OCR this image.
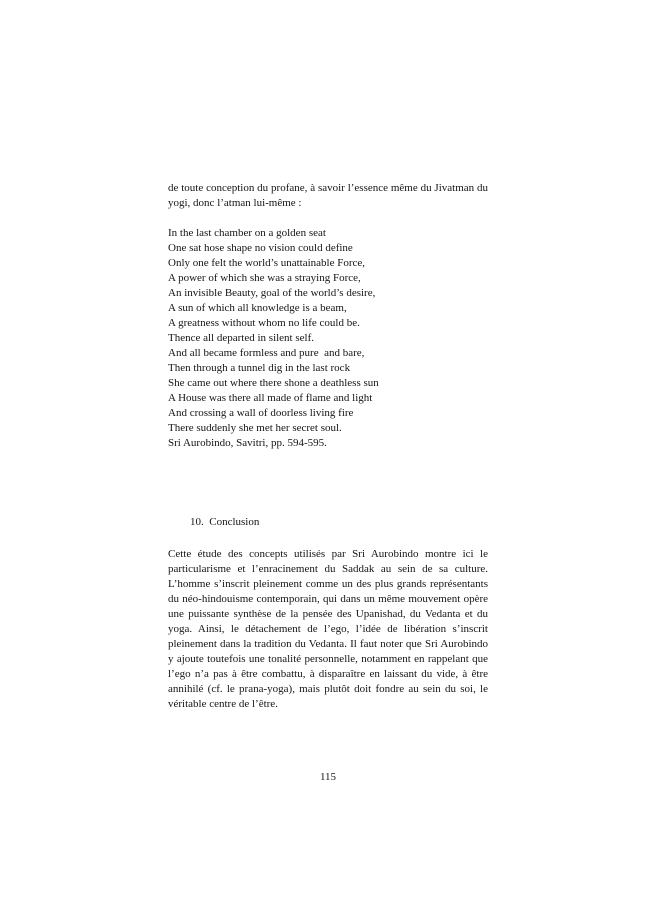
de toute conception du profane, à savoir l’essence même du Jivatman du yogi, donc l’atman lui-même :

In the last chamber on a golden seat
One sat hose shape no vision could define
Only one felt the world’s unattainable Force,
A power of which she was a straying Force,
An invisible Beauty, goal of the world’s desire,
A sun of which all knowledge is a beam,
A greatness without whom no life could be.
Thence all departed in silent self.
And all became formless and pure  and bare,
Then through a tunnel dig in the last rock
She came out where there shone a deathless sun
A House was there all made of flame and light
And crossing a wall of doorless living fire
There suddenly she met her secret soul.
Sri Aurobindo, Savitri, pp. 594-595.
10.  Conclusion

Cette étude des concepts utilisés par Sri Aurobindo montre ici le particularisme et l’enracinement du Saddak au sein de sa culture. L’homme s’inscrit pleinement comme un des plus grands représentants du néo-hindouisme contemporain, qui dans un même mouvement opère une puissante synthèse de la pensée des Upanishad, du Vedanta et du yoga. Ainsi, le détachement de l’ego, l’idée de libération s’inscrit pleinement dans la tradition du Vedanta. Il faut noter que Sri Aurobindo y ajoute toutefois une tonalité personnelle, notamment en rappelant que l’ego n’a pas à être combattu, à disparaître en laissant du vide, à être annihilé (cf. le prana-yoga), mais plutôt doit fondre au sein du soi, le véritable centre de l’être.

115
